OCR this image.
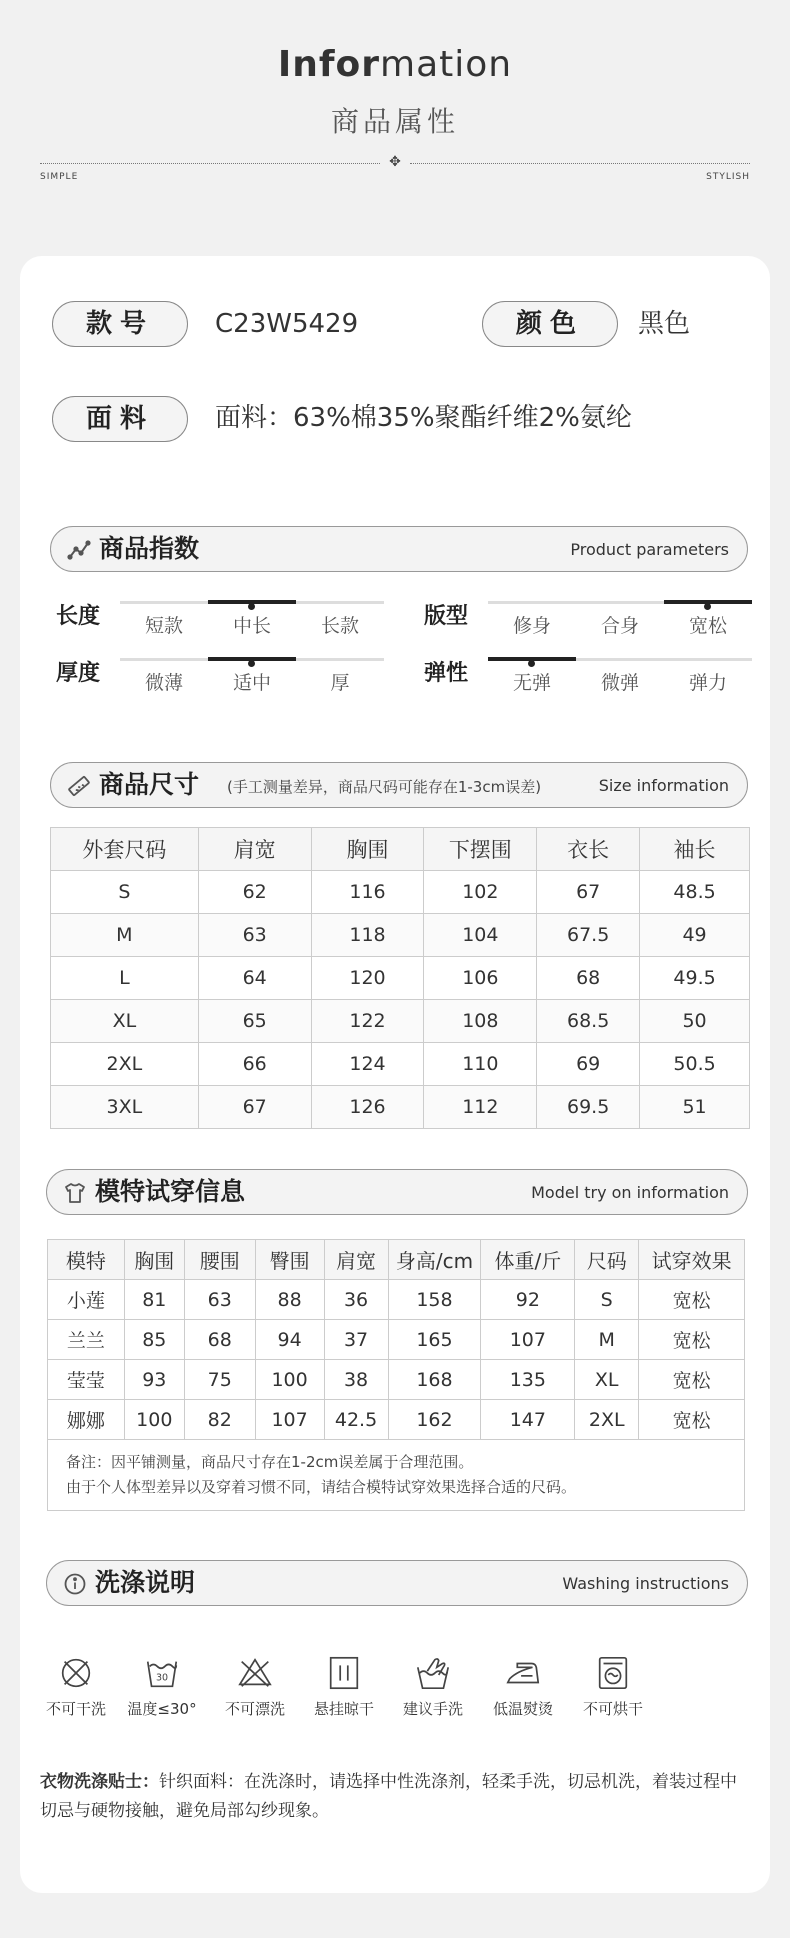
Information
商品属性
✥
SIMPLE	STYLISH
款号	C23W5429	颜色	黑色
面料	面料：63%棉35%聚酯纤维2%氨纶
商品指数	Product parameters
长度	短款	中长	长款	版型	修身	合身	宽松
厚度	微薄	适中	厚	弹性	无弹	微弹	弹力
商品尺寸 (手工测量差异，商品尺码可能存在1-3cm误差)	Size information
外套尺码	肩宽	胸围	下摆围	衣长	袖长
S	62	116	102	67	48.5
M	63	118	104	67.5	49
L	64	120	106	68	49.5
XL	65	122	108	68.5	50
2XL	66	124	110	69	50.5
3XL	67	126	112	69.5	51
模特试穿信息	Model try on information
模特	胸围	腰围	臀围	肩宽	身高/cm	体重/斤	尺码	试穿效果
小莲	81	63	88	36	158	92	S	宽松
兰兰	85	68	94	37	165	107	M	宽松
莹莹	93	75	100	38	168	135	XL	宽松
娜娜	100	82	107	42.5	162	147	2XL	宽松
备注：因平铺测量，商品尺寸存在1-2cm误差属于合理范围。
由于个人体型差异以及穿着习惯不同，请结合模特试穿效果选择合适的尺码。
洗涤说明	Washing instructions
不可干洗
30
温度≤30°	不可漂洗	悬挂晾干	建议手洗	低温熨烫	不可烘干
衣物洗涤贴士：针织面料：在洗涤时，请选择中性洗涤剂，轻柔手洗，切忌机洗，着装过程中切忌与硬物接触，避免局部勾纱现象。
